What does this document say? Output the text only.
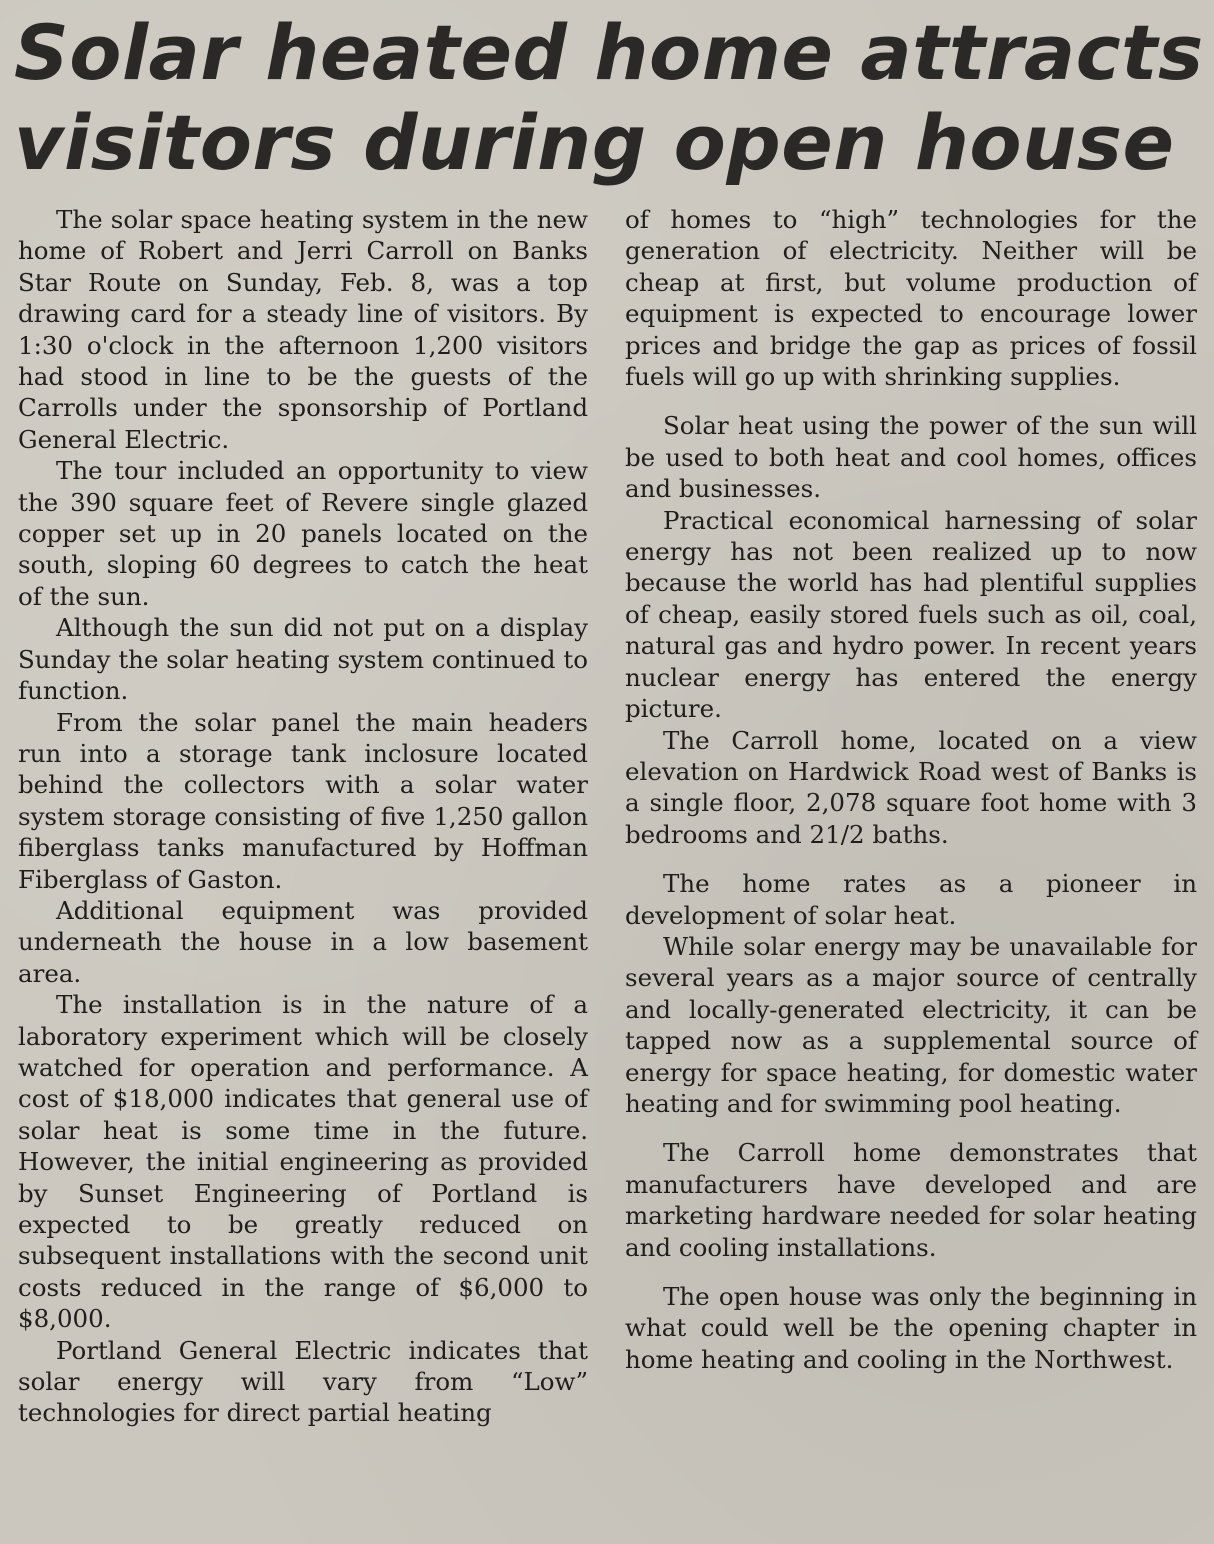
Solar heated home attracts
visitors during open house

The solar space heating system in the new home of Robert and Jerri Carroll on Banks Star Route on Sunday, Feb. 8, was a top drawing card for a steady line of visitors. By 1:30 o'clock in the afternoon 1,200 visitors had stood in line to be the guests of the Carrolls under the sponsorship of Portland General Electric.

The tour included an opportunity to view the 390 square feet of Revere single glazed copper set up in 20 panels located on the south, sloping 60 degrees to catch the heat of the sun.

Although the sun did not put on a display Sunday the solar heating system continued to function.

From the solar panel the main headers run into a storage tank inclosure located behind the collectors with a solar water system storage consisting of five 1,250 gallon fiberglass tanks manufactured by Hoffman Fiberglass of Gaston.

Additional equipment was provided underneath the house in a low basement area.

The installation is in the nature of a laboratory experiment which will be closely watched for operation and performance. A cost of $18,000 indicates that general use of solar heat is some time in the future. However, the initial engineering as provided by Sunset Engineering of Portland is expected to be greatly reduced on subsequent installations with the second unit costs reduced in the range of $6,000 to $8,000.

Portland General Electric indicates that solar energy will vary from “Low” technologies for direct partial heating

of homes to “high” technologies for the generation of electricity. Neither will be cheap at first, but volume production of equipment is expected to encourage lower prices and bridge the gap as prices of fossil fuels will go up with shrinking supplies.

Solar heat using the power of the sun will be used to both heat and cool homes, offices and businesses.

Practical economical harnessing of solar energy has not been realized up to now because the world has had plentiful supplies of cheap, easily stored fuels such as oil, coal, natural gas and hydro power. In recent years nuclear energy has entered the energy picture.

The Carroll home, located on a view elevation on Hardwick Road west of Banks is a single floor, 2,078 square foot home with 3 bedrooms and 21/2 baths.

The home rates as a pioneer in development of solar heat.

While solar energy may be unavailable for several years as a major source of centrally and locally-generated electricity, it can be tapped now as a supplemental source of energy for space heating, for domestic water heating and for swimming pool heating.

The Carroll home demonstrates that manufacturers have developed and are marketing hardware needed for solar heating and cooling installations.

The open house was only the beginning in what could well be the opening chapter in home heating and cooling in the Northwest.
